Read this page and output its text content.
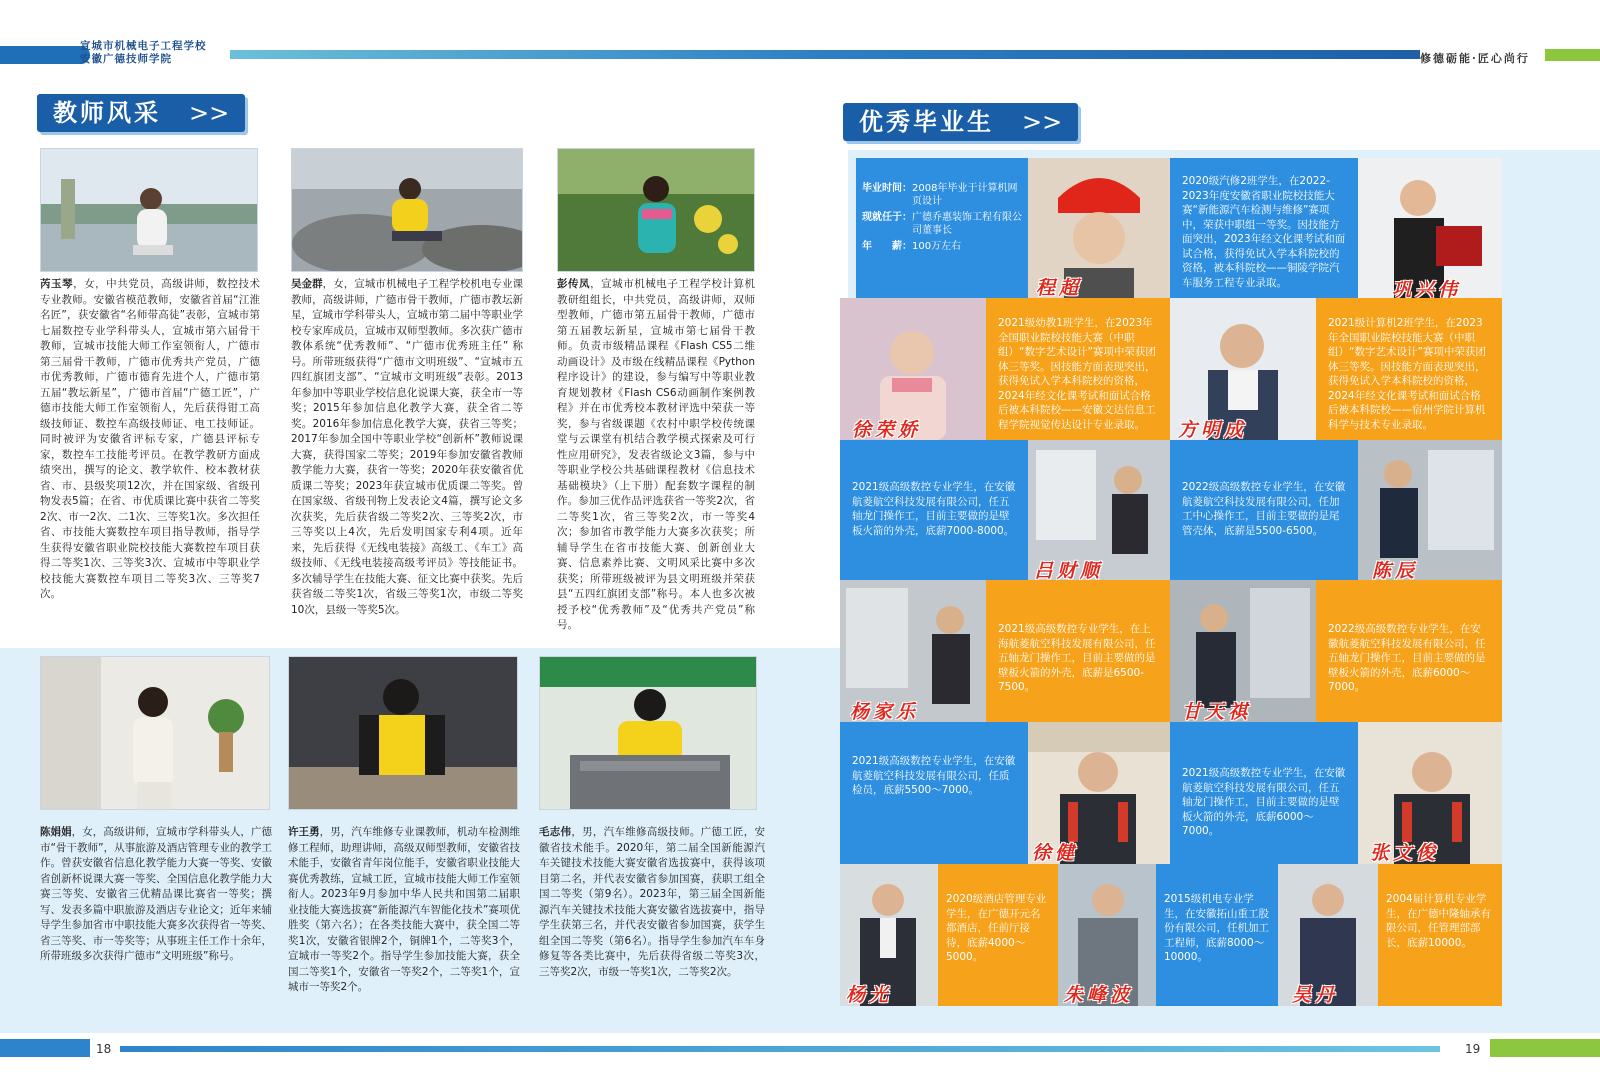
宣城市机械电子工程学校
安徽广德技师学院	修德砺能·匠心尚行
教师风采 >>	优秀毕业生 >>
芮玉琴，女，中共党员，高级讲师，数控技术专业教师。安徽省模范教师，安徽省首届“江淮名匠”，获安徽省“名师带高徒”表彰，宣城市第七届数控专业学科带头人，宣城市第六届骨干教师，宣城市技能大师工作室领衔人，广德市第三届骨干教师，广德市优秀共产党员，广德市优秀教师，广德市德育先进个人，广德市第五届“教坛新星”，广德市首届“广德工匠”，广德市技能大师工作室领衔人，先后获得钳工高级技师证、数控车高级技师证、电工技师证。同时被评为安徽省评标专家，广德县评标专家，数控车工技能考评员。在教学教研方面成绩突出，撰写的论文、教学软件、校本教材获省、市、县级奖项12次，并在国家级、省级刊物发表5篇；在省、市优质课比赛中获省二等奖2次、市一2次、二1次、三等奖1次。多次担任省、市技能大赛数控车项目指导教师，指导学生获得安徽省职业院校技能大赛数控车项目获得二等奖1次、三等奖3次、宣城市中等职业学校技能大赛数控车项目二等奖3次、三等奖7次。
吴金群，女，宣城市机械电子工程学校机电专业课教师，高级讲师，广德市骨干教师，广德市教坛新星，宣城市学科带头人，宣城市第二届中等职业学校专家库成员，宣城市双师型教师。多次获广德市教体系统“优秀教师”、“广德市优秀班主任” 称号。所带班级获得“广德市文明班级”、“宣城市五四红旗团支部”、“宣城市文明班级”表彰。2013年参加中等职业学校信息化说课大赛，获全市一等奖；2015年参加信息化教学大赛，获全省二等奖。2016年参加信息化教学大赛，获省三等奖；2017年参加全国中等职业学校“创新杯”教师说课大赛，获得国家二等奖；2019年参加安徽省教师教学能力大赛，获省一等奖；2020年获安徽省优质课二等奖；2023年获宣城市优质课二等奖。曾在国家级、省级刊物上发表论文4篇，撰写论文多次获奖，先后获省级二等奖2次、三等奖2次，市三等奖以上4次，先后发明国家专利4项。近年来，先后获得《无线电装接》高级工、《车工》高级技师、《无线电装接高级考评员》等技能证书。多次辅导学生在技能大赛、征文比赛中获奖。先后获省级二等奖1次，省级三等奖1次，市级二等奖10次，县级一等奖5次。
彭传凤，宣城市机械电子工程学校计算机教研组组长，中共党员，高级讲师，双师型教师，广德市第五届骨干教师，广德市第五届教坛新星，宣城市第七届骨干教师。负责市级精品课程《Flash CS5二维动画设计》及市级在线精品课程《Python 程序设计》的建设，参与编写中等职业教育规划教材《Flash CS6动画制作案例教程》并在市优秀校本教材评选中荣获一等奖，参与省级课题《农村中职学校传统课堂与云课堂有机结合教学模式探索及可行性应用研究》，发表省级论文3篇，参与中等职业学校公共基础课程教材《信息技术 基础模块》（上下册）配套数字课程的制作。参加三优作品评选获省一等奖2次，省二等奖1次，省三等奖2次，市一等奖4次；参加省市教学能力大赛多次获奖；所辅导学生在省市技能大赛、创新创业大赛、信息素养比赛、文明风采比赛中多次获奖；所带班级被评为县文明班级并荣获县“五四红旗团支部”称号。本人也多次被授予校“优秀教师”及“优秀共产党员”称号。
陈娟娟，女，高级讲师，宣城市学科带头人，广德市“骨干教师”，从事旅游及酒店管理专业的教学工作。曾获安徽省信息化教学能力大赛一等奖、安徽省创新杯说课大赛一等奖、全国信息化教学能力大赛三等奖、安徽省三优精品课比赛省一等奖；撰写、发表多篇中职旅游及酒店专业论文；近年来辅导学生参加省市中职技能大赛多次获得省一等奖、省三等奖、市一等奖等；从事班主任工作十余年，所带班级多次获得广德市“文明班级”称号。
许王勇，男，汽车维修专业课教师，机动车检测维修工程师，助理讲师，高级双师型教师，安徽省技术能手，安徽省青年岗位能手，安徽省职业技能大赛优秀教练，宣城工匠，宣城市技能大师工作室领衔人。2023年9月参加中华人民共和国第二届职业技能大赛选拔赛“新能源汽车智能化技术”赛项优胜奖（第六名）；在各类技能大赛中，获全国二等奖1次，安徽省银牌2个，铜牌1个，二等奖3个，宣城市一等奖2个。指导学生参加技能大赛，获全国二等奖1个，安徽省一等奖2个，二等奖1个，宣城市一等奖2个。
毛志伟，男，汽车维修高级技师。广德工匠，安徽省技术能手。2020年，第二届全国新能源汽车关键技术技能大赛安徽省选拔赛中，获得该项目第二名，并代表安徽省参加国赛，获职工组全国二等奖（第9名）。2023年，第三届全国新能源汽车关键技术技能大赛安徽省选拔赛中，指导学生获第三名，并代表安徽省参加国赛，获学生组全国二等奖（第6名）。指导学生参加汽车车身修复等各类比赛中，先后获得省级二等奖3次，三等奖2次，市级一等奖1次，二等奖2次。
毕业时间： 2008年毕业于计算机网页设计
现就任于： 广德乔惠装饰工程有限公司董事长
年　　薪： 100万左右
程超
2020级汽修2班学生，在2022-2023年度安徽省职业院校技能大赛“新能源汽车检测与维修”赛项中，荣获中职组一等奖。因技能方面突出，2023年经文化课考试和面试合格，获得免试入学本科院校的资格，被本科院校——铜陵学院汽车服务工程专业录取。	巩兴伟
徐荣娇
2021级幼教1班学生，在2023年全国职业院校技能大赛（中职组）“数字艺术设计”赛项中荣获团体三等奖。因技能方面表现突出，获得免试入学本科院校的资格，2024年经文化课考试和面试合格后被本科院校——安徽文达信息工程学院视觉传达设计专业录取。	方明成
2021级计算机2班学生，在2023年全国职业院校技能大赛（中职组）“数字艺术设计”赛项中荣获团体三等奖。因技能方面表现突出，获得免试入学本科院校的资格，2024年经文化课考试和面试合格后被本科院校——宿州学院计算机科学与技术专业录取。
2021级高级数控专业学生，在安徽航菱航空科技发展有限公司，任五轴龙门操作工，目前主要做的是壁板火箭的外壳，底薪7000-8000。
吕财顺
2022级高级数控专业学生，在安徽航菱航空科技发展有限公司，任加工中心操作工，目前主要做的是尾管壳体，底薪是5500-6500。
陈辰
杨家乐
2021级高级数控专业学生，在上海航菱航空科技发展有限公司，任五轴龙门操作工，目前主要做的是壁板火箭的外壳，底薪是6500-7500。
甘天祺
2022级高级数控专业学生，在安徽航菱航空科技发展有限公司，任五轴龙门操作工，目前主要做的是壁板火箭的外壳，底薪6000～7000。
2021级高级数控专业学生，在安徽航菱航空科技发展有限公司，任质检员，底薪5500～7000。
徐健
2021级高级数控专业学生，在安徽航菱航空科技发展有限公司，任五轴龙门操作工，目前主要做的是壁板火箭的外壳，底薪6000～7000。
张文俊
杨光
2020级酒店管理专业学生，在广德开元名都酒店，任前厅接待，底薪4000～5000。
朱峰波
2015级机电专业学生，在安徽拓山重工股份有限公司，任机加工工程师，底薪8000～10000。
吴丹
2004届计算机专业学生，在广德中隆轴承有限公司，任管理部部长，底薪10000。
18	19
